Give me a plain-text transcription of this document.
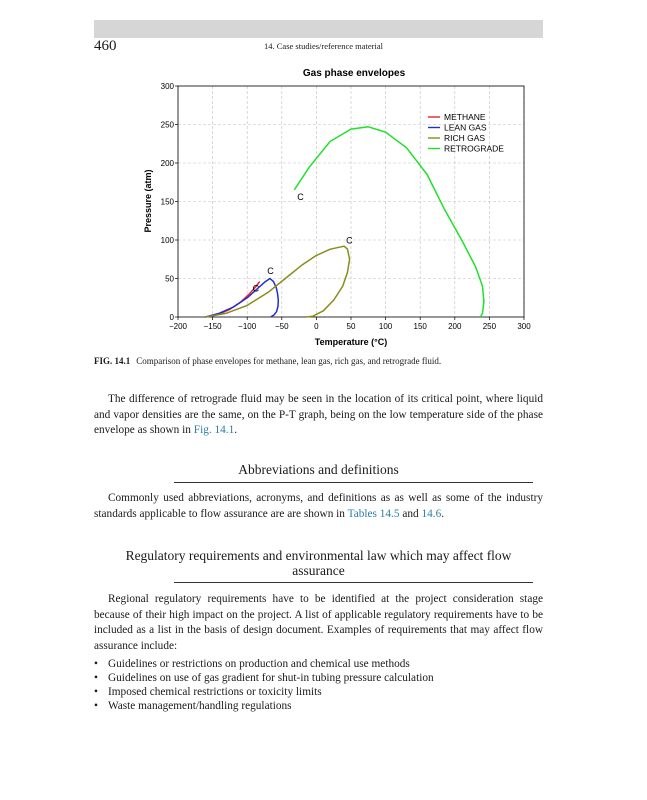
460	14. Case studies/reference material
Gas phase envelopes
−200 −150 −100 −50	0	50	100	150	200	250	300
0
50
100
150
200
250
300
C
C
C
C
METHANE
LEAN GAS
RICH GAS
RETROGRADE
Temperature (°C)
Pressure (atm)
FIG. 14.1 Comparison of phase envelopes for methane, lean gas, rich gas, and retrograde fluid.

The difference of retrograde fluid may be seen in the location of its critical point, where liquid and vapor densities are the same, on the P-T graph, being on the low temperature side of the phase envelope as shown in Fig. 14.1.

Abbreviations and definitions

Commonly used abbreviations, acronyms, and definitions as as well as some of the industry standards applicable to flow assurance are are shown in Tables 14.5 and 14.6.

Regulatory requirements and environmental law which may affect flow
assurance

Regional regulatory requirements have to be identified at the project consideration stage because of their high impact on the project. A list of applicable regulatory requirements have to be included as a list in the basis of design document. Examples of requirements that may affect flow assurance include:

• Guidelines or restrictions on production and chemical use methods
• Guidelines on use of gas gradient for shut-in tubing pressure calculation
• Imposed chemical restrictions or toxicity limits
• Waste management/handling regulations
